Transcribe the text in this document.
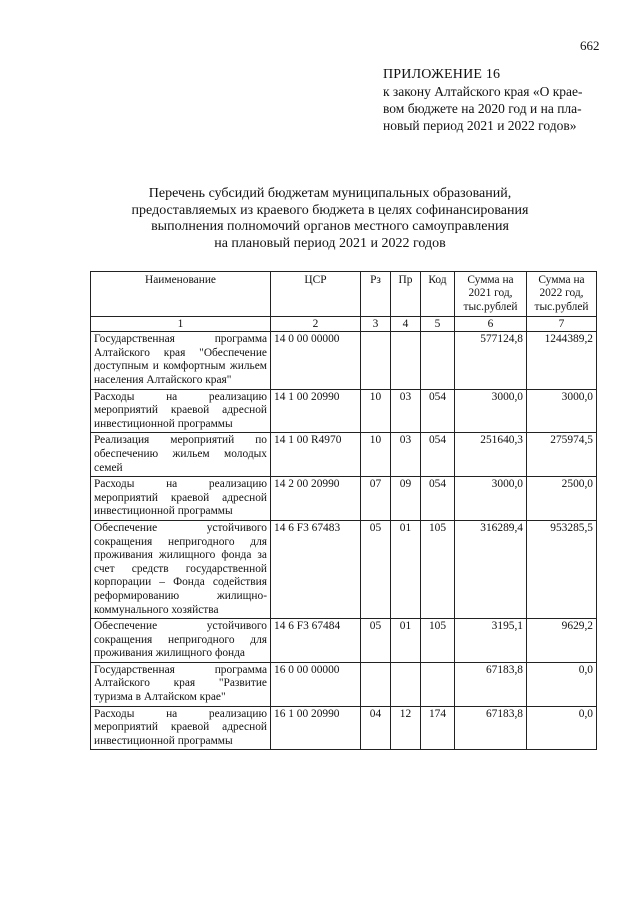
662
ПРИЛОЖЕНИЕ 16
к закону Алтайского края «О крае-
вом бюджете на 2020 год и на пла-
новый период 2021 и 2022 годов»
Перечень субсидий бюджетам муниципальных образований,
предоставляемых из краевого бюджета в целях софинансирования
выполнения полномочий органов местного самоуправления
на плановый период 2021 и 2022 годов
Наименование	ЦСР	Рз	Пр	Код	Сумма на 2021 год, тыс.рублей	Сумма на 2022 год, тыс.рублей
1	2	3	4	5	6	7
Государственная программа Алтайского края "Обеспечение доступным и комфортным жильем населения Алтайского края"	14 0 00 00000				577124,8	1244389,2
Расходы на реализацию мероприятий краевой адресной инвестиционной программы	14 1 00 20990	10	03	054	3000,0	3000,0
Реализация мероприятий по обеспечению жильем молодых семей	14 1 00 R4970	10	03	054	251640,3	275974,5
Расходы на реализацию мероприятий краевой адресной инвестиционной программы	14 2 00 20990	07	09	054	3000,0	2500,0
Обеспечение устойчивого сокращения непригодного для проживания жилищного фонда за счет средств государственной корпорации – Фонда содействия реформированию жилищно-коммунального хозяйства	14 6 F3 67483	05	01	105	316289,4	953285,5
Обеспечение устойчивого сокращения непригодного для проживания жилищного фонда	14 6 F3 67484	05	01	105	3195,1	9629,2
Государственная программа Алтайского края "Развитие туризма в Алтайском крае"	16 0 00 00000				67183,8	0,0
Расходы на реализацию мероприятий краевой адресной инвестиционной программы	16 1 00 20990	04	12	174	67183,8	0,0
